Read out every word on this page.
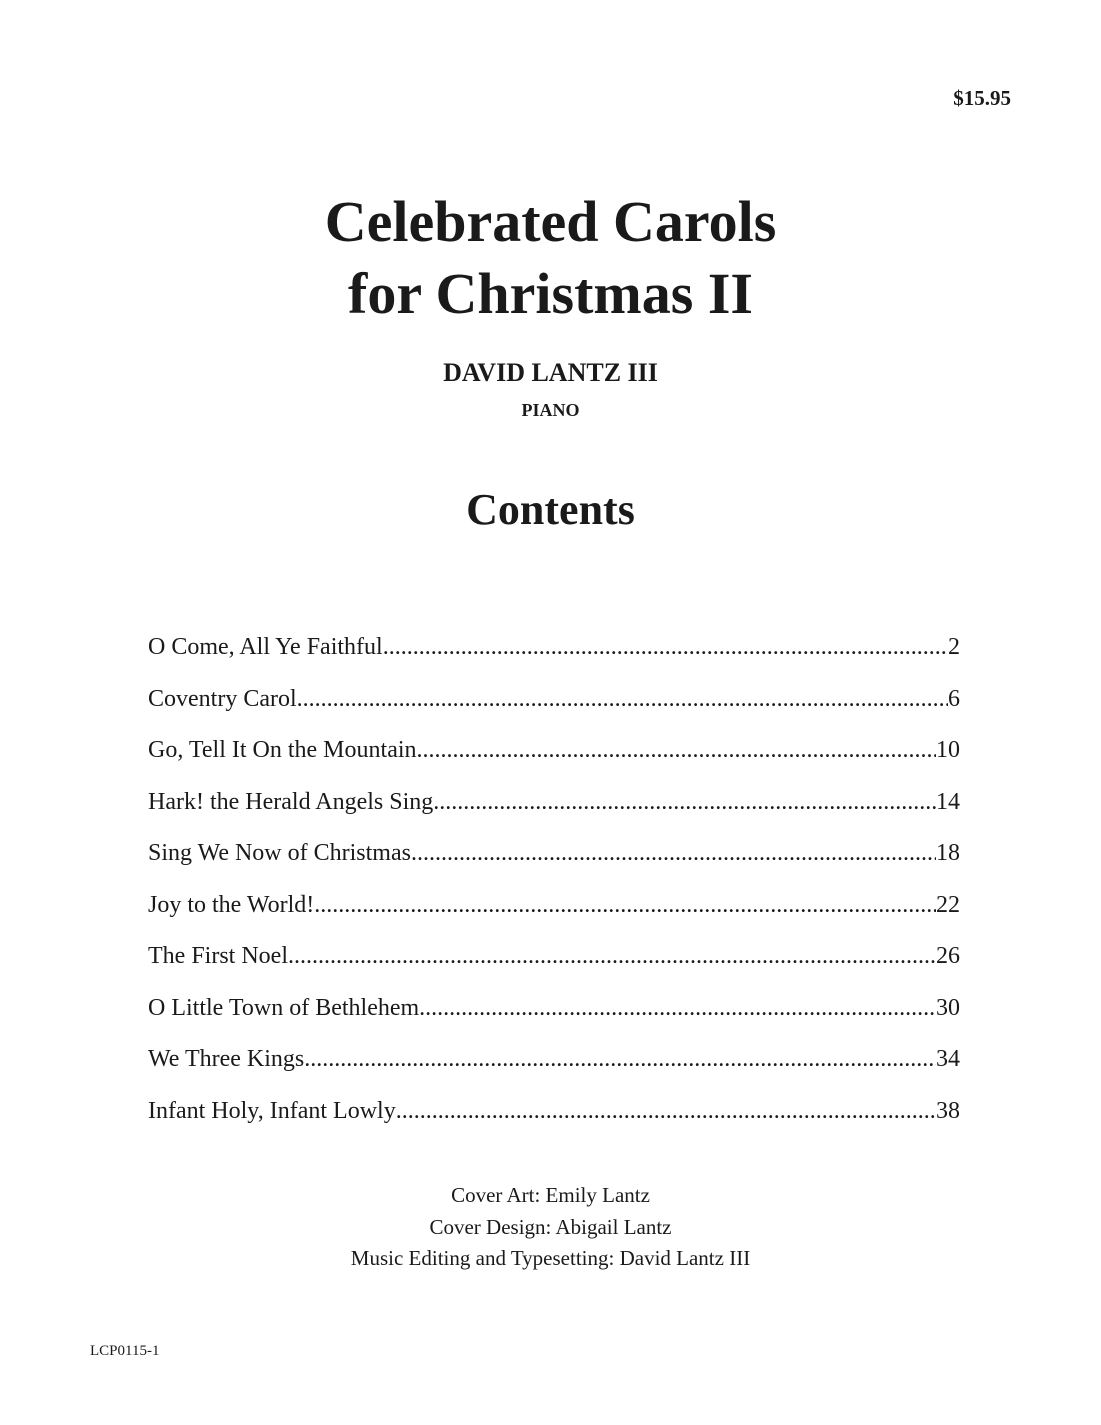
$15.95
Celebrated Carols
for Christmas II
DAVID LANTZ III
PIANO
Contents
O Come, All Ye Faithful .....	2
Coventry Carol .....	6
Go, Tell It On the Mountain .....	10
Hark! the Herald Angels Sing .....	14
Sing We Now of Christmas .....	18
Joy to the World! .....	22
The First Noel .....	26
O Little Town of Bethlehem .....	30
We Three Kings .....	34
Infant Holy, Infant Lowly .....	38
Cover Art: Emily Lantz
Cover Design: Abigail Lantz
Music Editing and Typesetting: David Lantz III
LCP0115-1
